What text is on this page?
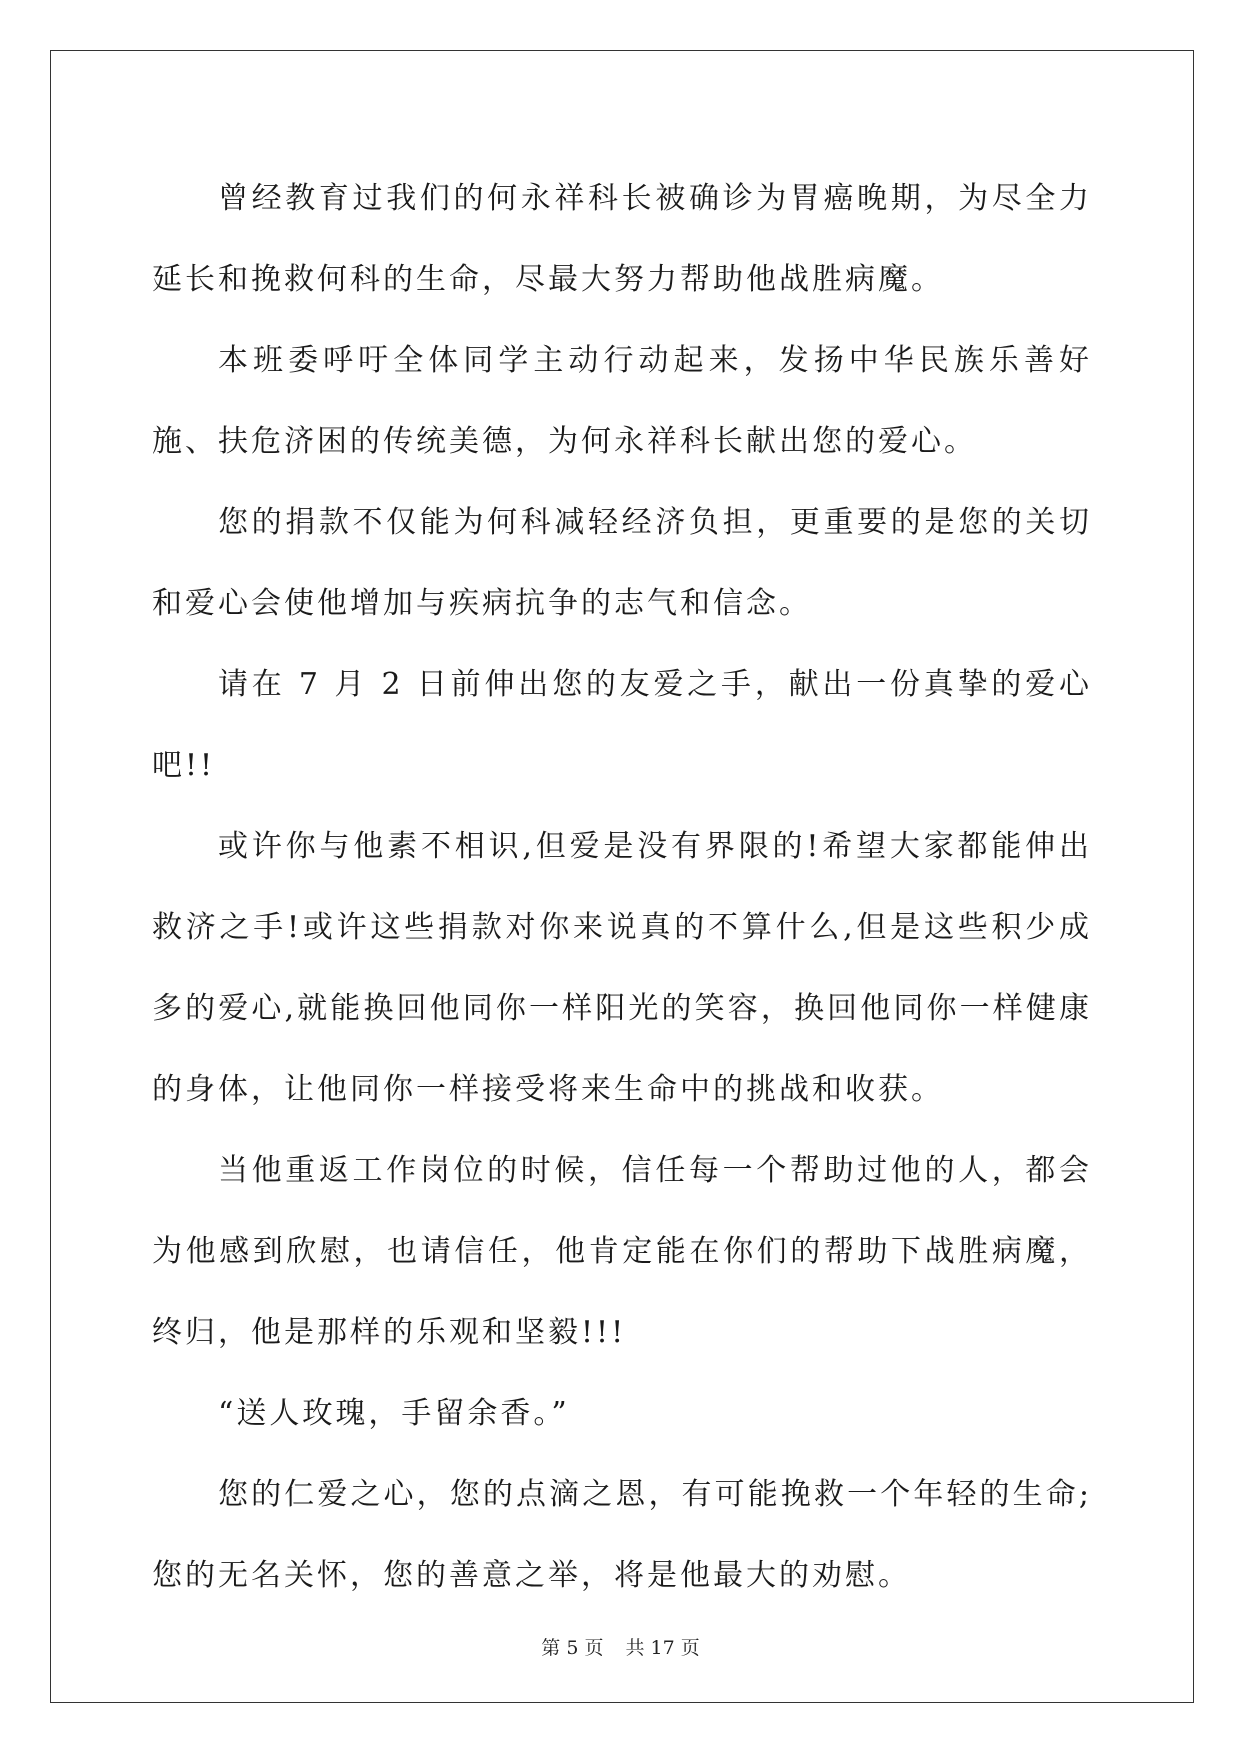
曾经教育过我们的何永祥科长被确诊为胃癌晚期，为尽全力延长和挽救何科的生命，尽最大努力帮助他战胜病魔。

本班委呼吁全体同学主动行动起来，发扬中华民族乐善好施、扶危济困的传统美德，为何永祥科长献出您的爱心。

您的捐款不仅能为何科减轻经济负担，更重要的是您的关切和爱心会使他增加与疾病抗争的志气和信念。

请在 7 月 2 日前伸出您的友爱之手，献出一份真挚的爱心吧!!

或许你与他素不相识,但爱是没有界限的!希望大家都能伸出救济之手!或许这些捐款对你来说真的不算什么,但是这些积少成多的爱心,就能换回他同你一样阳光的笑容，换回他同你一样健康的身体，让他同你一样接受将来生命中的挑战和收获。

当他重返工作岗位的时候，信任每一个帮助过他的人，都会为他感到欣慰，也请信任，他肯定能在你们的帮助下战胜病魔，终归，他是那样的乐观和坚毅!!!

“送人玫瑰，手留余香。”

您的仁爱之心，您的点滴之恩，有可能挽救一个年轻的生命;您的无名关怀，您的善意之举，将是他最大的劝慰。

第 5 页 共 17 页
